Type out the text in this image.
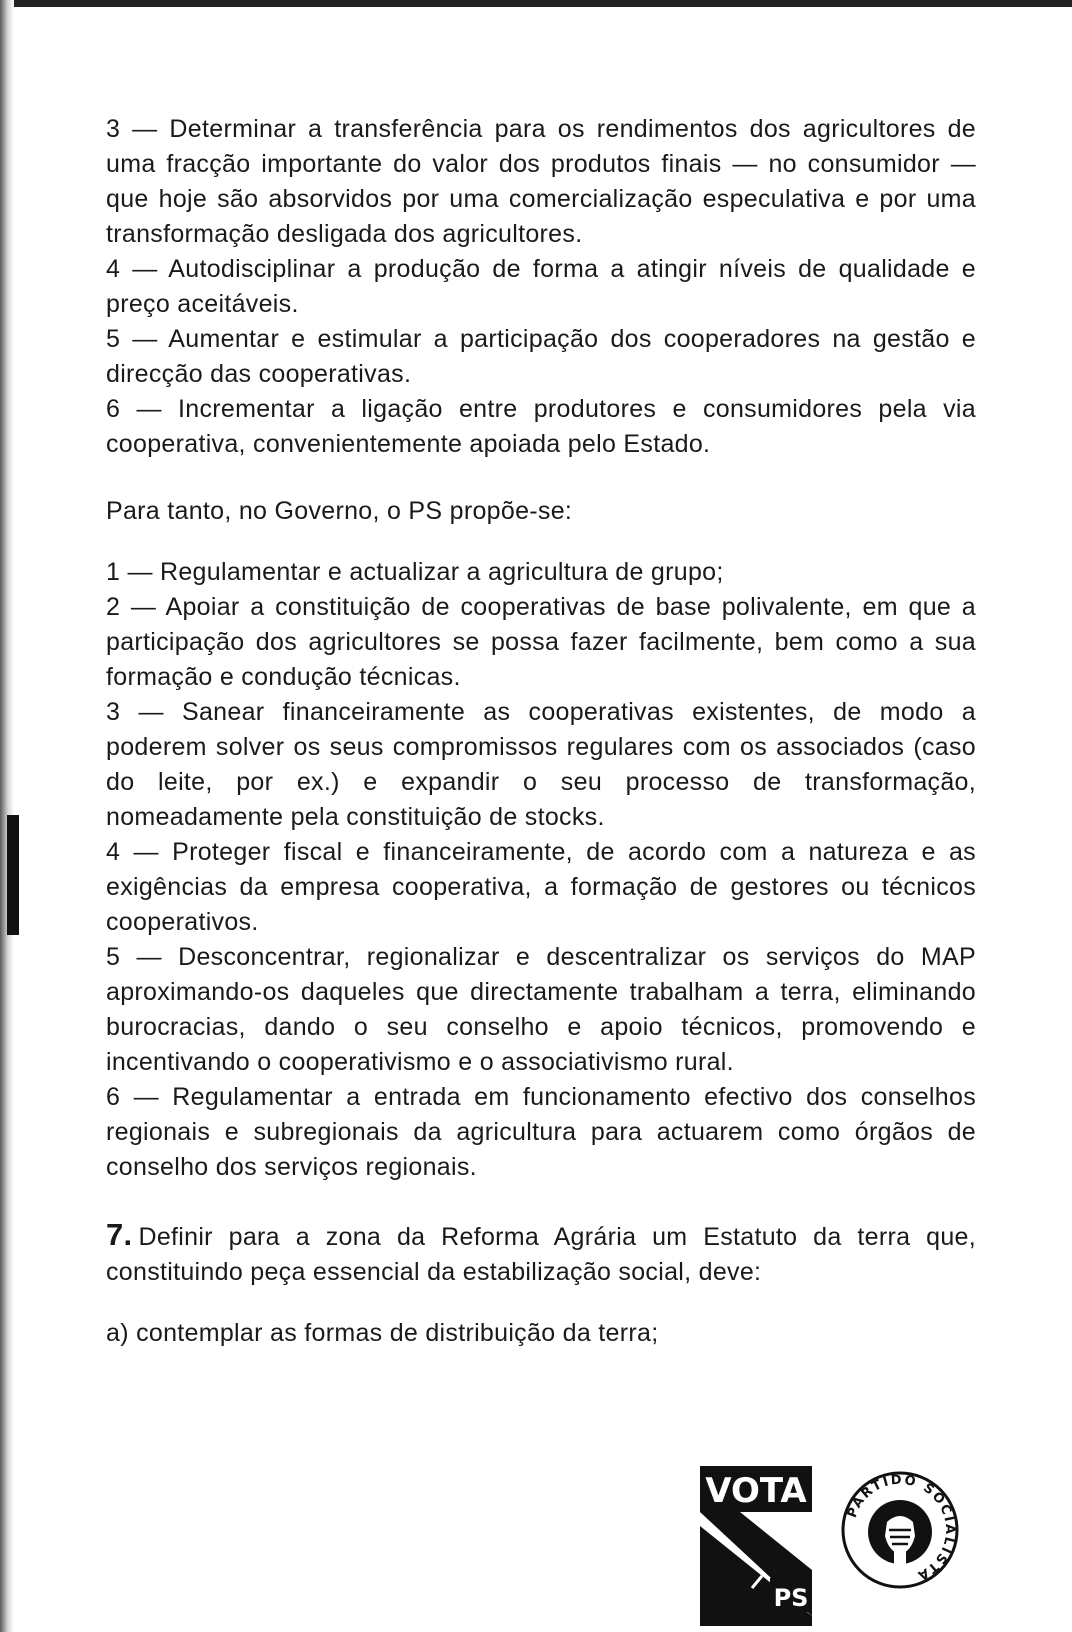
3 — Determinar a transferência para os rendimentos dos agricultores de uma fracção importante do valor dos produtos finais — no consumidor — que hoje são absorvidos por uma comercialização especulativa e por uma transformação desligada dos agricultores.

4 — Autodisciplinar a produção de forma a atingir níveis de qualidade e preço aceitáveis.

5 — Aumentar e estimular a participação dos cooperadores na gestão e direcção das cooperativas.

6 — Incrementar a ligação entre produtores e consumidores pela via cooperativa, convenientemente apoiada pelo Estado.

Para tanto, no Governo, o PS propõe-se:

1 — Regulamentar e actualizar a agricultura de grupo;

2 — Apoiar a constituição de cooperativas de base polivalente, em que a participação dos agricultores se possa fazer facilmente, bem como a sua formação e condução técnicas.

3 — Sanear financeiramente as cooperativas existentes, de modo a poderem solver os seus compromissos regulares com os associados (caso do leite, por ex.) e expandir o seu processo de transformação, nomeadamente pela constituição de stocks.

4 — Proteger fiscal e financeiramente, de acordo com a natureza e as exigências da empresa cooperativa, a formação de gestores ou técnicos cooperativos.

5 — Desconcentrar, regionalizar e descentralizar os serviços do MAP aproximando-os daqueles que directamente trabalham a terra, eliminando burocracias, dando o seu conselho e apoio técnicos, promovendo e incentivando o cooperativismo e o associativismo rural.

6 — Regulamentar a entrada em funcionamento efectivo dos conselhos regionais e subregionais da agricultura para actuarem como órgãos de conselho dos serviços regionais.

7. Definir para a zona da Reforma Agrária um Estatuto da terra que, constituindo peça essencial da estabilização social, deve:

a) contemplar as formas de distribuição da terra;

VOTA
PS
PARTIDO SOCIALISTA
